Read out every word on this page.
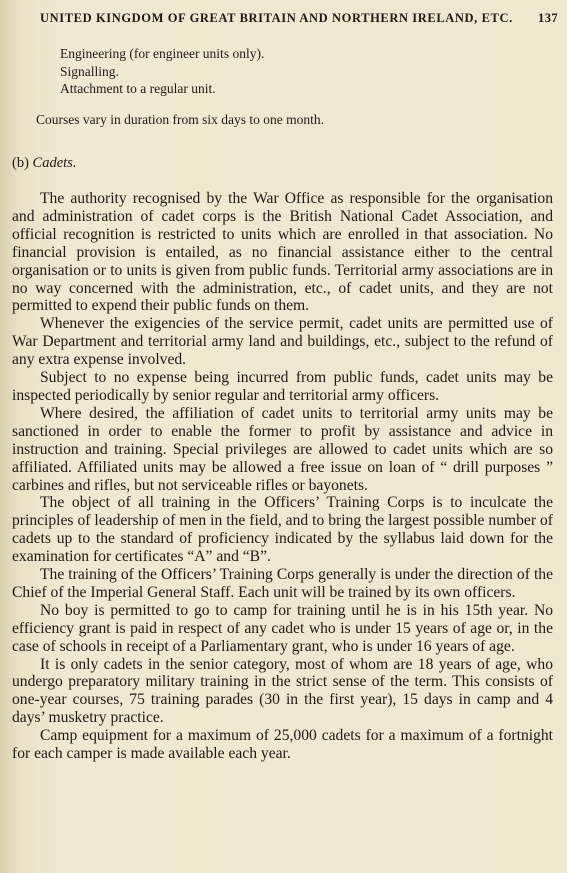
UNITED KINGDOM OF GREAT BRITAIN AND NORTHERN IRELAND, ETC. 137
Engineering (for engineer units only).
Signalling.
Attachment to a regular unit.
Courses vary in duration from six days to one month.
(b) Cadets.

The authority recognised by the War Office as responsible for the organisation and administration of cadet corps is the British National Cadet Association, and official recognition is restricted to units which are enrolled in that association. No financial provision is entailed, as no financial assistance either to the central organisation or to units is given from public funds. Territorial army associations are in no way concerned with the administration, etc., of cadet units, and they are not permitted to expend their public funds on them.

Whenever the exigencies of the service permit, cadet units are permitted use of War Department and territorial army land and buildings, etc., subject to the refund of any extra expense involved.

Subject to no expense being incurred from public funds, cadet units may be inspected periodically by senior regular and territorial army officers.

Where desired, the affiliation of cadet units to territorial army units may be sanctioned in order to enable the former to profit by assistance and advice in instruction and training. Special privileges are allowed to cadet units which are so affiliated. Affiliated units may be allowed a free issue on loan of “ drill purposes ” carbines and rifles, but not serviceable rifles or bayonets.

The object of all training in the Officers’ Training Corps is to inculcate the principles of leadership of men in the field, and to bring the largest possible number of cadets up to the standard of proficiency indicated by the syllabus laid down for the examination for certificates “A” and “B”.

The training of the Officers’ Training Corps generally is under the direction of the Chief of the Imperial General Staff. Each unit will be trained by its own officers.

No boy is permitted to go to camp for training until he is in his 15th year. No efficiency grant is paid in respect of any cadet who is under 15 years of age or, in the case of schools in receipt of a Parliamentary grant, who is under 16 years of age.

It is only cadets in the senior category, most of whom are 18 years of age, who undergo preparatory military training in the strict sense of the term. This consists of one-year courses, 75 training parades (30 in the first year), 15 days in camp and 4 days’ musketry practice.

Camp equipment for a maximum of 25,000 cadets for a maximum of a fortnight for each camper is made available each year.
